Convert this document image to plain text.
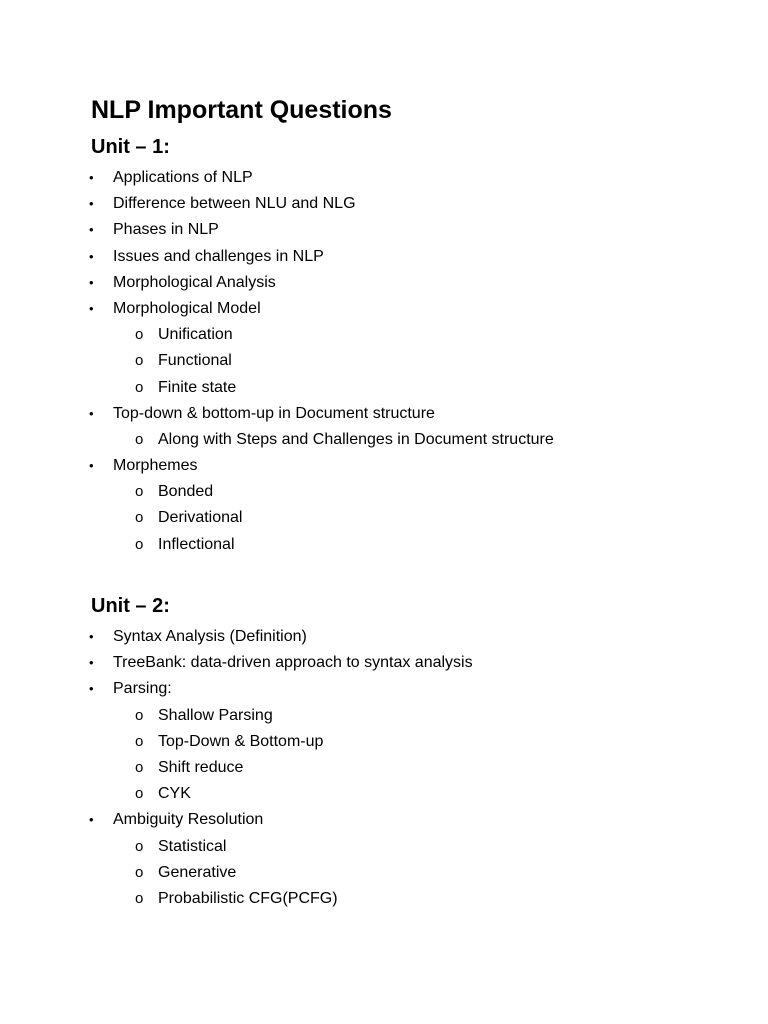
NLP Important Questions
Unit – 1:
• Applications of NLP
• Difference between NLU and NLG
• Phases in NLP
• Issues and challenges in NLP
• Morphological Analysis
• Morphological Model
o Unification
o Functional
o Finite state
• Top-down & bottom-up in Document structure
o Along with Steps and Challenges in Document structure
• Morphemes
o Bonded
o Derivational
o Inflectional
Unit – 2:
• Syntax Analysis (Definition)
• TreeBank: data-driven approach to syntax analysis
• Parsing:
o Shallow Parsing
o Top-Down & Bottom-up
o Shift reduce
o CYK
• Ambiguity Resolution
o Statistical
o Generative
o Probabilistic CFG(PCFG)
